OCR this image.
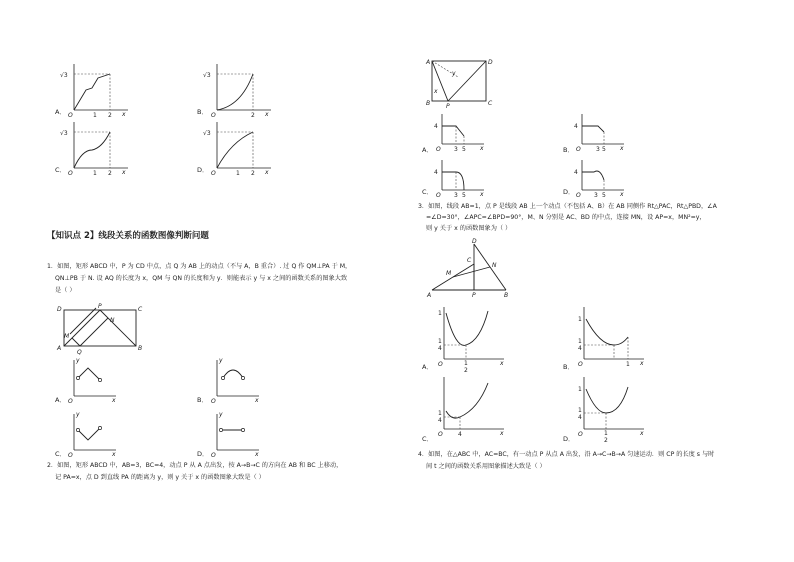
√3
O	1 2 x
A．
√3
O	2 x
B．
√3
O	1 2 x
C．
√3
O	1 2 x
D．
【知识点 2】线段关系的函数图像判断问题
1．如图，矩形 ABCD 中，P 为 CD 中点，点 Q 为 AB 上的动点（不与 A，B 重合）. 过 Q 作 QM⊥PA 于 M，
QN⊥PB 于 N. 设 AQ 的长度为 x，QM 与 QN 的长度和为 y．则能表示 y 与 x 之间的函数关系的图象大致
是（ ）
D	P	C
A
Q
B
M
N
O	x
y
A．	O	x
y
B．
O	x
y
C．	O	x
y
D．
2．如图，矩形 ABCD 中，AB=3，BC=4，动点 P 从 A 点出发，按 A→B→C 的方向在 AB 和 BC 上移动，
记 PA=x，点 D 到直线 PA 的距离为 y，则 y 关于 x 的函数图象大致是（ ）
A	D
B	P	C
x
y
4
O 3 5 x
A．
4
O	3 5 x
B．
4
O 3 5 x
C．
4
O 3 5 x
D．
3．如图，线段 AB=1，点 P 是线段 AB 上一个动点（不包括 A、B）在 AB 同侧作 Rt△PAC，Rt△PBD，∠A
=∠D=30°，∠APC=∠BPD=90°，M、N 分别是 AC、BD 的中点，连接 MN，设 AP=x，MN²=y，
则 y 关于 x 的函数图象为（ ）
A	P	B
C
D
M
N
1
1
4
O	1
2
x
A．
1
1
4
O	1 x
B．
1
4
O	4	x
C．
1
1
4
O	1
2
x
D．
4．如图，在△ABC 中，AC=BC，有一动点 P 从点 A 出发，沿 A→C→B→A 匀速运动．则 CP 的长度 s 与时
间 t 之间的函数关系用图象描述大致是（ ）
